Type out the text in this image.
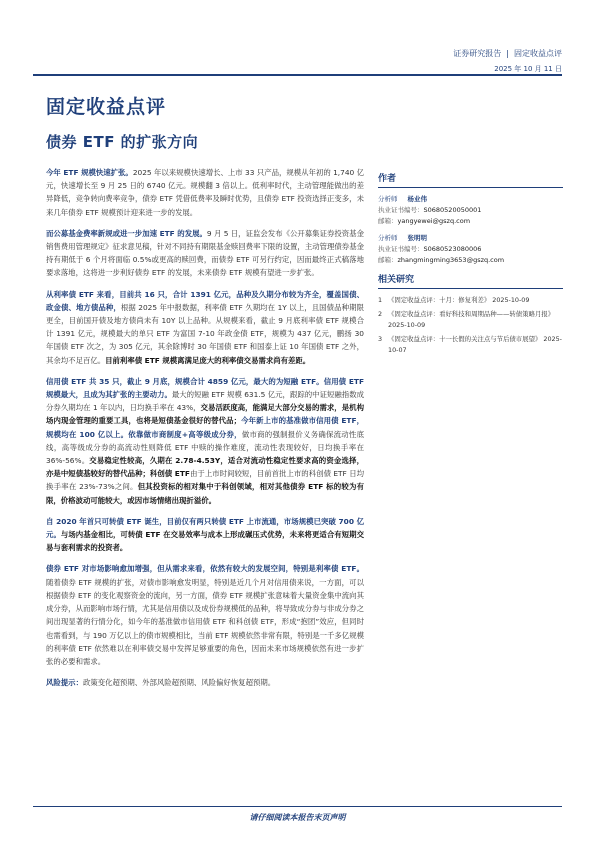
证券研究报告 | 固定收益点评
2025 年 10 月 11 日
固定收益点评
债券 ETF 的扩张方向

今年 ETF 规模快速扩张。2025 年以来规模快速增长、上市 33 只产品，规模从年初的 1,740 亿元，快速增长至 9 月 25 日的 6740 亿元。规模翻 3 倍以上。低利率时代，主动管理能做出的差异降低，竞争转向费率竞争，债券 ETF 凭借低费率及瞬时优势，且债券 ETF 投资选择正变多，未来几年债券 ETF 规模预计迎来进一步的发展。

而公募基金费率新规或进一步加速 ETF 的发展。9 月 5 日，证监会发布《公开募集证券投资基金销售费用管理规定》征求意见稿，针对不同持有期限基金赎回费率下限的设置，主动管理债券基金持有期低于 6 个月将面临 0.5%或更高的赎回费，而债券 ETF 可另行约定，因而最终正式稿落地要求落地，这将进一步利好债券 ETF 的发展，未来债券 ETF 规模有望进一步扩张。

从利率债 ETF 来看，目前共 16 只，合计 1391 亿元，品种及久期分布较为齐全，覆盖国债、政金债、地方债品种，根据 2025 年中报数据，利率债 ETF 久期均在 1Y 以上，且国债品种期限更全，目前国开债及地方债尚未有 10Y 以上品种。从规模来看，截止 9 月底利率债 ETF 规模合计 1391 亿元，规模最大的单只 ETF 为富国 7-10 年政金债 ETF，规模为 437 亿元，鹏扬 30 年国债 ETF 次之，为 305 亿元，其余除博时 30 年国债 ETF 和国泰上证 10 年国债 ETF 之外，其余均不足百亿。目前利率债 ETF 规模离满足庞大的利率债交易需求尚有差距。

信用债 ETF 共 35 只，截止 9 月底，规模合计 4859 亿元，最大的为短融 ETF。信用债 ETF 规模最大，且成为其扩张的主要动力。最大的短融 ETF 规模 631.5 亿元，跟踪的中证短融指数成分券久期均在 1 年以内，日均换手率在 43%，交易活跃度高，能满足大部分交易的需求，是机构场内现金管理的重要工具，也将是短债基金很好的替代品；今年新上市的基准做市信用债 ETF，规模均在 100 亿以上。依靠做市商制度+高等级成分券，做市商的强制报价义务确保流动性底线，高等级成分券的高流动性则降低 ETF 中赎的操作难度，流动性表现较好，日均换手率在 36%-56%。交易稳定性较高，久期在 2.78-4.53Y，适合对流动性稳定性要求高的资金选择，亦是中短债基较好的替代品种；科创债 ETF由于上市时间较短，目前首批上市的科创债 ETF 日均换手率在 23%-73%之间。但其投资标的相对集中于科创领域，相对其他债券 ETF 标的较为有限，价格波动可能较大，或因市场情绪出现折溢价。

自 2020 年首只可转债 ETF 诞生，目前仅有两只转债 ETF 上市流通，市场规模已突破 700 亿元。与场内基金相比，可转债 ETF 在交易效率与成本上形成碾压式优势，未来将更适合有短期交易与套利需求的投资者。

债券 ETF 对市场影响愈加增强，但从需求来看，依然有较大的发展空间，特别是利率债 ETF。随着债券 ETF 规模的扩张，对债市影响愈发明显，特别是近几个月对信用债来说，一方面，可以根据债券 ETF 的变化观察资金的流向，另一方面，债券 ETF 规模扩张意味着大量资金集中流向其成分券，从而影响市场行情，尤其是信用债以及成份券规模低的品种，将导致成分券与非成分券之间出现显著的行情分化，如今年的基准做市信用债 ETF 和科创债 ETF，形成“抱团”效应，但同时也需看到，与 190 万亿以上的债市规模相比，当前 ETF 规模依然非常有限，特别是一千多亿规模的利率债 ETF 依然难以在利率债交易中发挥足够重要的角色，因而未来市场规模依然有进一步扩张的必要和需求。

风险提示：政策变化超预期、外部风险超预期、风险偏好恢复超预期。

作者
分析师 杨业伟
执业证书编号：S0680520050001
邮箱：yangyewei@gszq.com
分析师 张明明
执业证书编号：S0680523080006
邮箱：zhangmingming3653@gszq.com
相关研究
1 《固定收益点评：十月：修复利差》 2025-10-09
2 《固定收益点评：看好科技和周期品种——转债策略月报》 2025-10-09
3 《固定收益点评：十一长假的关注点与节后债市展望》 2025-10-07
请仔细阅读本报告末页声明
